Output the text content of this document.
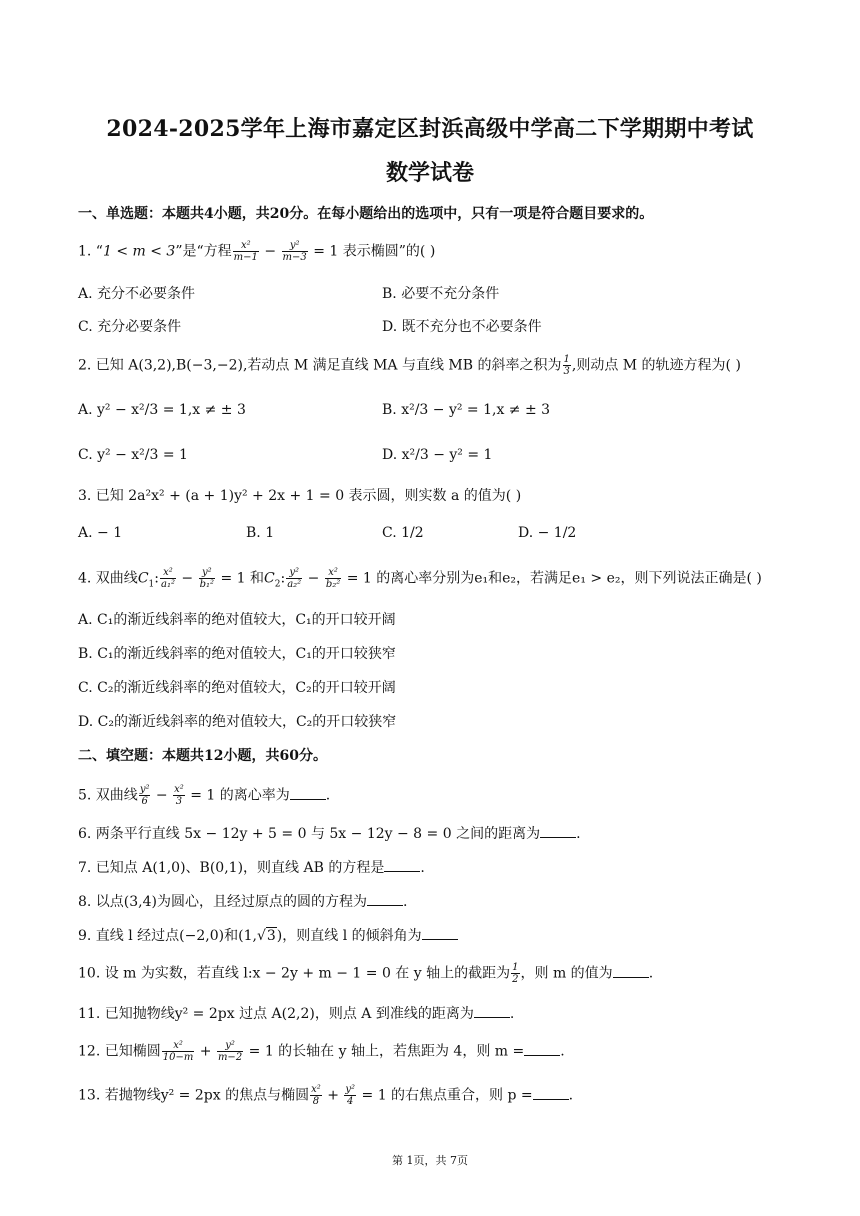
2024-2025学年上海市嘉定区封浜高级中学高二下学期期中考试
数学试卷
一、单选题：本题共4小题，共20分。在每小题给出的选项中，只有一项是符合题目要求的。
1. “1 < m < 3”是“方程 $\frac{\text{x²}}{m-1} - \frac{\text{y²}}{m-3} = 1$ 表示椭圆”的( )
A. 充分不必要条件	B. 必要不充分条件
C. 充分必要条件	D. 既不充分也不必要条件
2. 已知 A(3,2),B(−3,−2),若动点 M 满足直线 MA 与直线 MB 的斜率之积为 $\frac{1}{3}$ ,则动点 M 的轨迹方程为( )
A. y² − x²/3 = 1,x ≠ ± 3	B. x²/3 − y² = 1,x ≠ ± 3
C. y² − x²/3 = 1	D. x²/3 − y² = 1
3. 已知 2a²x² + (a + 1)y² + 2x + 1 = 0 表示圆，则实数 a 的值为( )
A. − 1	B. 1	C. 1/2	D. − 1/2
4. 双曲线$C_1$: $\frac{\text{x²}}{\text{a₁²}} - \frac{\text{y²}}{\text{b₁²}} = 1$ 和$C_2$: $\frac{\text{y²}}{\text{a₂²}} - \frac{\text{x²}}{\text{b₂²}} = 1$ 的离心率分别为e₁和e₂，若满足e₁ > e₂，则下列说法正确是( )
A. C₁的渐近线斜率的绝对值较大，C₁的开口较开阔
B. C₁的渐近线斜率的绝对值较大，C₁的开口较狭窄
C. C₂的渐近线斜率的绝对值较大，C₂的开口较开阔
D. C₂的渐近线斜率的绝对值较大，C₂的开口较狭窄
二、填空题：本题共12小题，共60分。
5. 双曲线 $\frac{\text{y²}}{6} - \frac{\text{x²}}{3} = 1$ 的离心率为	.
6. 两条平行直线 5x − 12y + 5 = 0 与 5x − 12y − 8 = 0 之间的距离为	.
7. 已知点 A(1,0)、B(0,1)，则直线 AB 的方程是	.
8. 以点(3,4)为圆心，且经过原点的圆的方程为	.
9. 直线 l 经过点(−2,0)和(1,√3)，则直线 l 的倾斜角为
10. 设 m 为实数，若直线 l:x − 2y + m − 1 = 0 在 y 轴上的截距为 $\frac{1}{2}$ ，则 m 的值为	.
11. 已知抛物线y² = 2px 过点 A(2,2)，则点 A 到准线的距离为	.
12. 已知椭圆 $\frac{\text{x²}}{10-m} + \frac{\text{y²}}{m-2} = 1$ 的长轴在 y 轴上，若焦距为 4，则 m =	.
13. 若抛物线y² = 2px 的焦点与椭圆 $\frac{\text{x²}}{8} + \frac{\text{y²}}{4} = 1$ 的右焦点重合，则 p =	.
第 1页，共 7页
